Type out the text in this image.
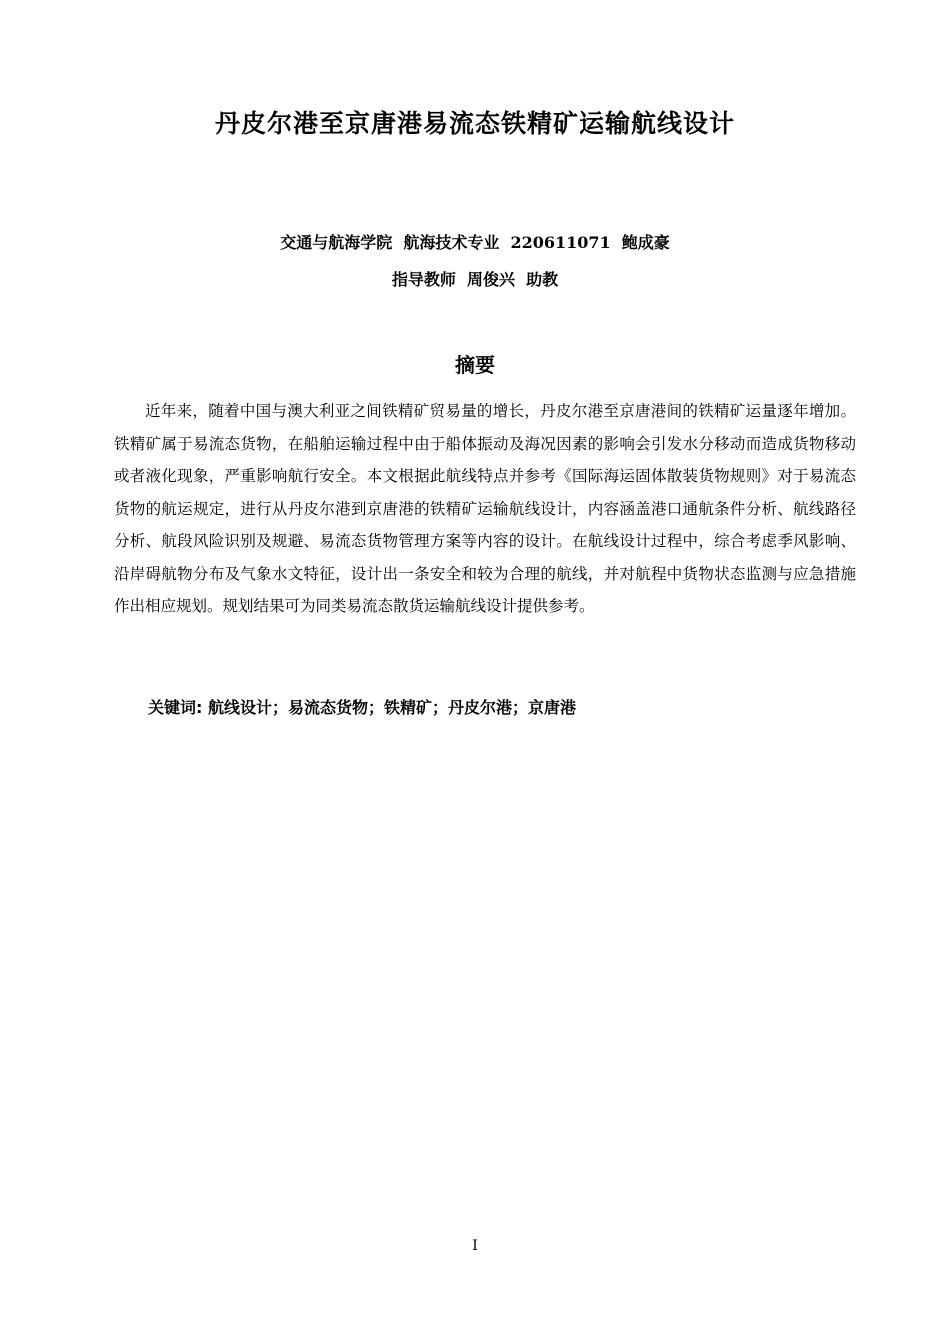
丹皮尔港至京唐港易流态铁精矿运输航线设计
交通与航海学院  航海技术专业  220611071  鲍成豪
指导教师  周俊兴  助教
摘要

近年来，随着中国与澳大利亚之间铁精矿贸易量的增长，丹皮尔港至京唐港间的铁精矿运量逐年增加。铁精矿属于易流态货物，在船舶运输过程中由于船体振动及海况因素的影响会引发水分移动而造成货物移动或者液化现象，严重影响航行安全。本文根据此航线特点并参考《国际海运固体散装货物规则》对于易流态货物的航运规定，进行从丹皮尔港到京唐港的铁精矿运输航线设计，内容涵盖港口通航条件分析、航线路径分析、航段风险识别及规避、易流态货物管理方案等内容的设计。在航线设计过程中，综合考虑季风影响、沿岸碍航物分布及气象水文特征，设计出一条安全和较为合理的航线，并对航程中货物状态监测与应急措施作出相应规划。规划结果可为同类易流态散货运输航线设计提供参考。

关键词: 航线设计；易流态货物；铁精矿；丹皮尔港；京唐港
I
